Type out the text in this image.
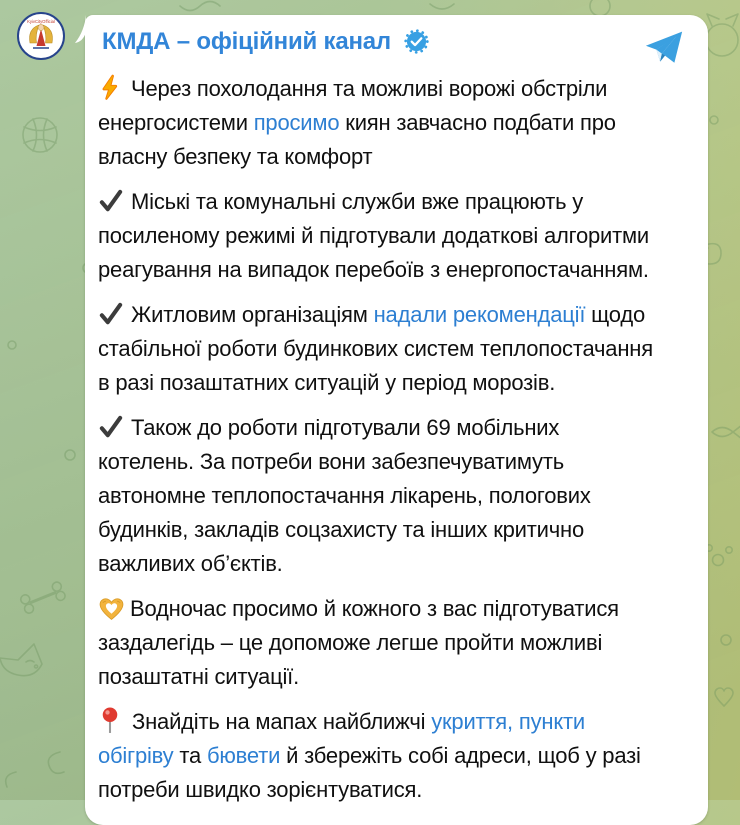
KyivCityOfficial
КМДА – офіційний канал

Через похолодання та можливі ворожі обстріли енергосистеми просимо киян завчасно подбати про власну безпеку та комфорт

Міські та комунальні служби вже працюють у посиленому режимі й підготували додаткові алгоритми реагування на випадок перебоїв з енергопостачанням.

Житловим організаціям надали рекомендації щодо стабільної роботи будинкових систем теплопостачання в разі позаштатних ситуацій у період морозів.

Також до роботи підготували 69 мобільних котелень. За потреби вони забезпечуватимуть автономне теплопостачання лікарень, пологових будинків, закладів соцзахисту та інших критично важливих об’єктів.

Водночас просимо й кожного з вас підготуватися заздалегідь – це допоможе легше пройти можливі позаштатні ситуації.

Знайдіть на мапах найближчі укриття, пункти обігріву та бювети й збережіть собі адреси, щоб у разі потреби швидко зорієнтуватися.
